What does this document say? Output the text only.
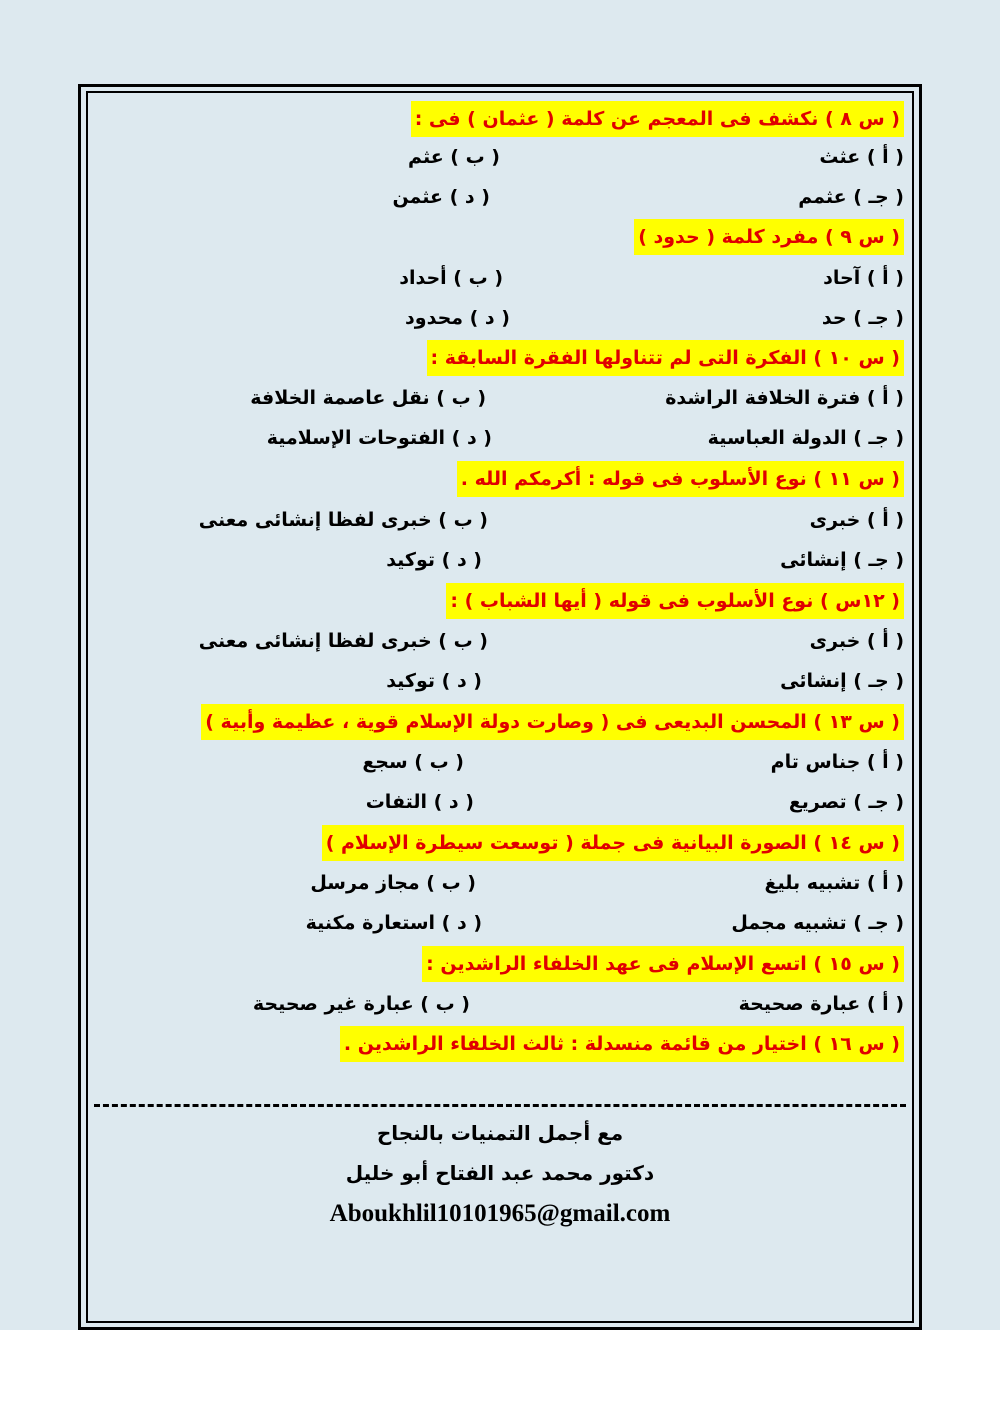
( س ٨ ) نكشف فى المعجم عن كلمة ( عثمان ) فى :
( أ ) عثث
( ب ) عثم
( جـ ) عثمم
( د ) عثمن
( س ٩ ) مفرد كلمة ( حدود )
( أ ) آحاد
( ب ) أحداد
( جـ ) حد
( د ) محدود
( س ١٠ ) الفكرة التى لم تتناولها الفقرة السابقة :
( أ ) فترة الخلافة الراشدة
( ب ) نقل عاصمة الخلافة
( جـ ) الدولة العباسية
( د ) الفتوحات الإسلامية
( س ١١ ) نوع الأسلوب فى قوله : أكرمكم الله .
( أ ) خبرى
( ب ) خبرى لفظا إنشائى معنى
( جـ ) إنشائى
( د ) توكيد
( ١٢س ) نوع الأسلوب فى قوله ( أيها الشباب ) :
( أ ) خبرى
( ب ) خبرى لفظا إنشائى معنى
( جـ ) إنشائى
( د ) توكيد
( س ١٣ ) المحسن البديعى فى ( وصارت دولة الإسلام قوية ، عظيمة وأبية )
( أ ) جناس تام
( ب ) سجع
( جـ ) تصريع
( د ) التفات
( س ١٤ ) الصورة البيانية فى جملة ( توسعت سيطرة الإسلام )
( أ ) تشبيه بليغ
( ب ) مجاز مرسل
( جـ ) تشبيه مجمل
( د ) استعارة مكنية
( س ١٥ ) اتسع الإسلام فى عهد الخلفاء الراشدين :
( أ ) عبارة صحيحة
( ب ) عبارة غير صحيحة
( س ١٦ ) اختيار من قائمة منسدلة : ثالث الخلفاء الراشدين .
مع أجمل التمنيات بالنجاح
دكتور محمد عبد الفتاح أبو خليل
Aboukhlil10101965@gmail.com
